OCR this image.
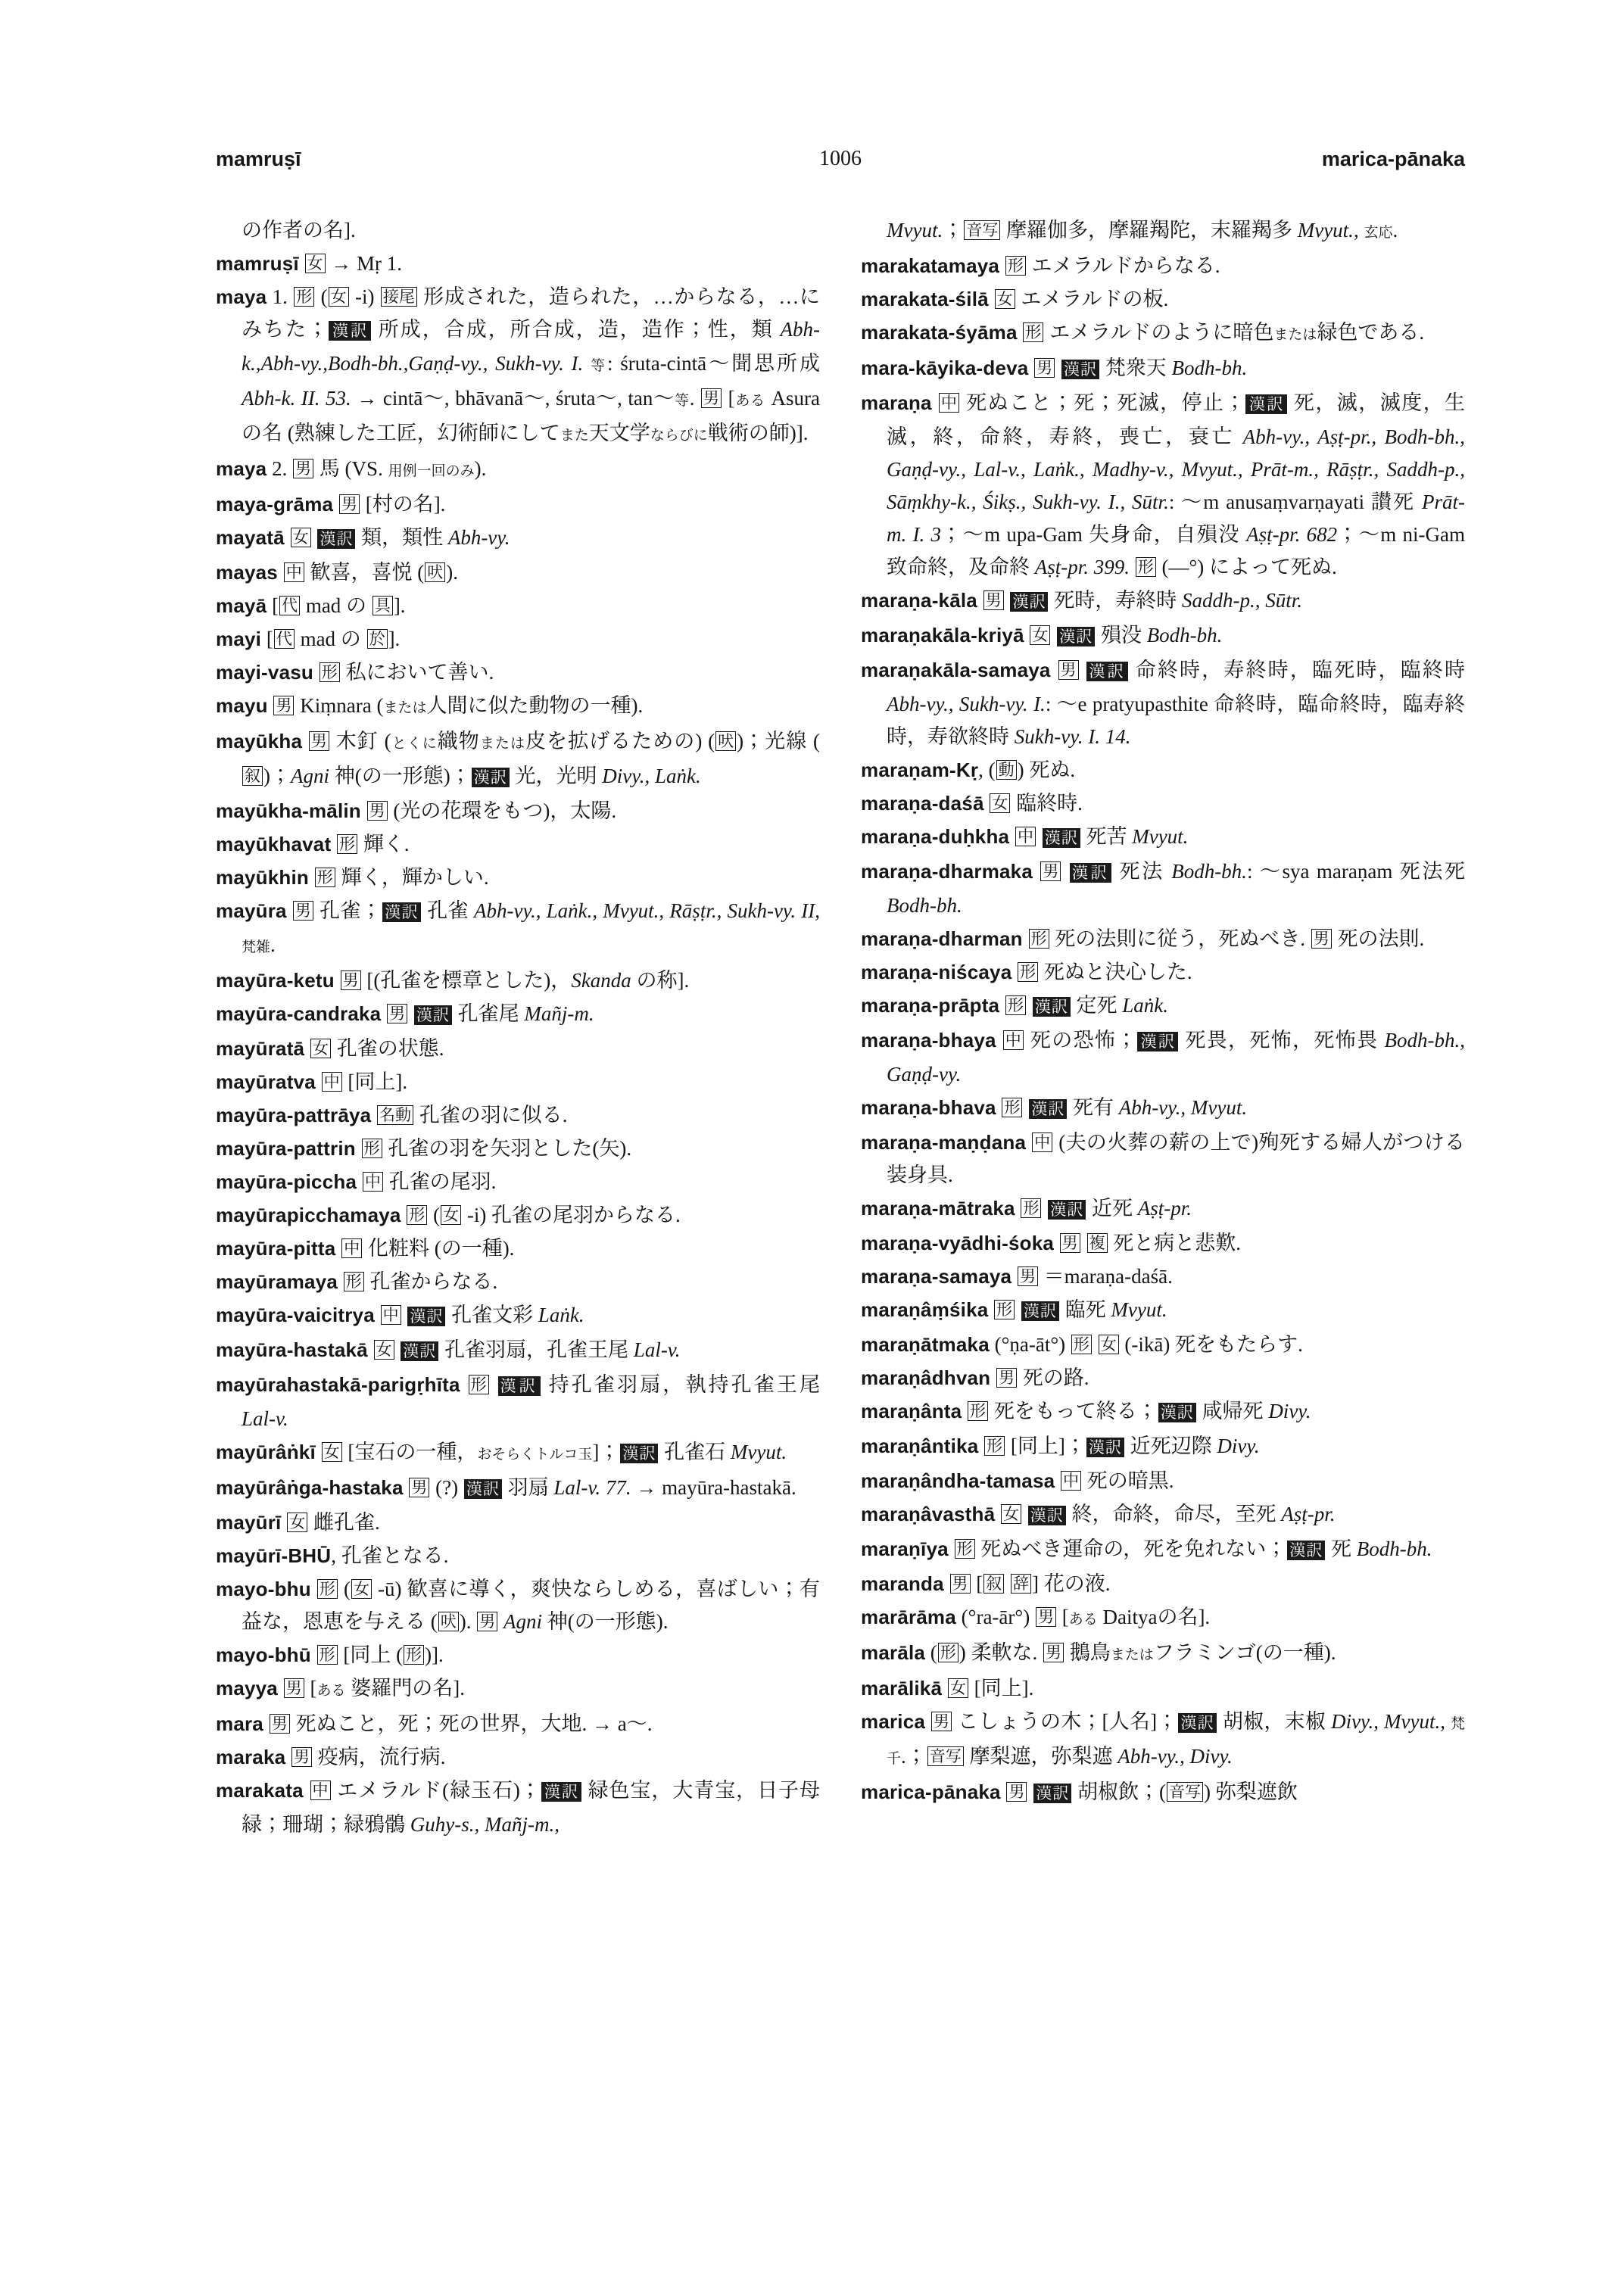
mamruṣī	1006	marica-pānaka
の作者の名].
mamruṣī 女 → Mṛ 1.
maya 1. 形 ( 女 -i) 接尾 形成された，造られた，…からなる，…にみちた； 漢訳 所成，合成，所合成，造，造作；性，類 Abh-k.,Abh-vy.,Bodh-bh.,Gaṇḍ-vy., Sukh-vy. I. 等: śruta-cintā～聞思所成 Abh-k. II. 53. → cintā～, bhāvanā～, śruta～, tan～等. 男 [ある Asura の名 (熟練した工匠，幻術師にしてまた天文学ならびに戦術の師)].
maya 2. 男 馬 (VS. 用例一回のみ).
maya-grāma 男 [村の名].
mayatā 女 漢訳 類，類性 Abh-vy.
mayas 中 歓喜，喜悦 ( 吠 ).
mayā [ 代 mad の 具 ].
mayi [ 代 mad の 於 ].
mayi-vasu 形 私において善い.
mayu 男 Kiṃnara (または人間に似た動物の一種).
mayūkha 男 木釘 (とくに織物または皮を拡げるための) ( 吠 )；光線 (叙 )；Agni 神(の一形態)； 漢訳 光，光明 Divy., Laṅk.
mayūkha-mālin 男 (光の花環をもつ)，太陽.
mayūkhavat 形 輝く.
mayūkhin 形 輝く，輝かしい.
mayūra 男 孔雀； 漢訳 孔雀 Abh-vy., Laṅk., Mvyut., Rāṣṭr., Sukh-vy. II, 梵雑.
mayūra-ketu 男 [(孔雀を標章とした)，Skanda の称].
mayūra-candraka 男 漢訳 孔雀尾 Mañj-m.
mayūratā 女 孔雀の状態.
mayūratva 中 [同上].
mayūra-pattrāya 名動 孔雀の羽に似る.
mayūra-pattrin 形 孔雀の羽を矢羽とした(矢).
mayūra-piccha 中 孔雀の尾羽.
mayūrapicchamaya 形 ( 女 -i) 孔雀の尾羽からなる.
mayūra-pitta 中 化粧料 (の一種).
mayūramaya 形 孔雀からなる.
mayūra-vaicitrya 中 漢訳 孔雀文彩 Laṅk.
mayūra-hastakā 女 漢訳 孔雀羽扇，孔雀王尾 Lal-v.
mayūrahastakā-parigṛhīta 形 漢訳 持孔雀羽扇，執持孔雀王尾 Lal-v.
mayūrâṅkī 女 [宝石の一種，おそらくトルコ玉]； 漢訳 孔雀石 Mvyut.
mayūrâṅga-hastaka 男 (?) 漢訳 羽扇 Lal-v. 77. → mayūra-hastakā.
mayūrī 女 雌孔雀.
mayūrī-BHŪ, 孔雀となる.
mayo-bhu 形 ( 女 -ū) 歓喜に導く，爽快ならしめる，喜ばしい；有益な，恩恵を与える ( 吠 ). 男 Agni 神(の一形態).
mayo-bhū 形 [同上 ( 形 )].
mayya 男 [ある 婆羅門の名].
mara 男 死ぬこと，死；死の世界，大地. → a～.
maraka 男 疫病，流行病.
marakata 中 エメラルド(緑玉石)； 漢訳 緑色宝，大青宝，日子母緑；珊瑚；緑鴉鶻 Guhy-s., Mañj-m.,
Mvyut.； 音写 摩羅伽多，摩羅羯陀，末羅羯多 Mvyut., 玄応.
marakatamaya 形 エメラルドからなる.
marakata-śilā 女 エメラルドの板.
marakata-śyāma 形 エメラルドのように暗色または緑色である.
mara-kāyika-deva 男 漢訳 梵衆天 Bodh-bh.
maraṇa 中 死ぬこと；死；死滅，停止； 漢訳 死，滅，滅度，生滅，終，命終，寿終，喪亡，衰亡 Abh-vy., Aṣṭ-pr., Bodh-bh., Gaṇḍ-vy., Lal-v., Laṅk., Madhy-v., Mvyut., Prāt-m., Rāṣṭr., Saddh-p., Sāṃkhy-k., Śikṣ., Sukh-vy. I., Sūtr.: ～m anusaṃvarṇayati 讃死 Prāt-m. I. 3；～m upa-Gam 失身命，自殞没 Aṣṭ-pr. 682；～m ni-Gam 致命終，及命終 Aṣṭ-pr. 399. 形 (—°) によって死ぬ.
maraṇa-kāla 男 漢訳 死時，寿終時 Saddh-p., Sūtr.
maraṇakāla-kriyā 女 漢訳 殞没 Bodh-bh.
maraṇakāla-samaya 男 漢訳 命終時，寿終時，臨死時，臨終時 Abh-vy., Sukh-vy. I.: ～e pratyupasthite 命終時，臨命終時，臨寿終時，寿欲終時 Sukh-vy. I. 14.
maraṇam-Kṛ, ( 動 ) 死ぬ.
maraṇa-daśā 女 臨終時.
maraṇa-duḥkha 中 漢訳 死苦 Mvyut.
maraṇa-dharmaka 男 漢訳 死法 Bodh-bh.: ～sya maraṇam 死法死 Bodh-bh.
maraṇa-dharman 形 死の法則に従う，死ぬべき. 男 死の法則.
maraṇa-niścaya 形 死ぬと決心した.
maraṇa-prāpta 形 漢訳 定死 Laṅk.
maraṇa-bhaya 中 死の恐怖； 漢訳 死畏，死怖，死怖畏 Bodh-bh., Gaṇḍ-vy.
maraṇa-bhava 形 漢訳 死有 Abh-vy., Mvyut.
maraṇa-maṇḍana 中 (夫の火葬の薪の上で)殉死する婦人がつける装身具.
maraṇa-mātraka 形 漢訳 近死 Aṣṭ-pr.
maraṇa-vyādhi-śoka 男 複 死と病と悲歎.
maraṇa-samaya 男 ＝maraṇa-daśā.
maraṇâṃśika 形 漢訳 臨死 Mvyut.
maraṇātmaka (°ṇa-āt°) 形 女 (-ikā) 死をもたらす.
maraṇâdhvan 男 死の路.
maraṇânta 形 死をもって終る； 漢訳 咸帰死 Divy.
maraṇântika 形 [同上]； 漢訳 近死辺際 Divy.
maraṇândha-tamasa 中 死の暗黒.
maraṇâvasthā 女 漢訳 終，命終，命尽，至死 Aṣṭ-pr.
maraṇīya 形 死ぬべき運命の，死を免れない； 漢訳 死 Bodh-bh.
maranda 男 [ 叙 辞 ] 花の液.
marārāma (°ra-ār°) 男 [ある Daityaの名].
marāla ( 形 ) 柔軟な. 男 鵝鳥またはフラミンゴ(の一種).
marālikā 女 [同上].
marica 男 こしょうの木；[人名]； 漢訳 胡椒，末椒 Divy., Mvyut., 梵千.； 音写 摩梨遮，弥梨遮 Abh-vy., Divy.
marica-pānaka 男 漢訳 胡椒飲；( 音写 ) 弥梨遮飲
